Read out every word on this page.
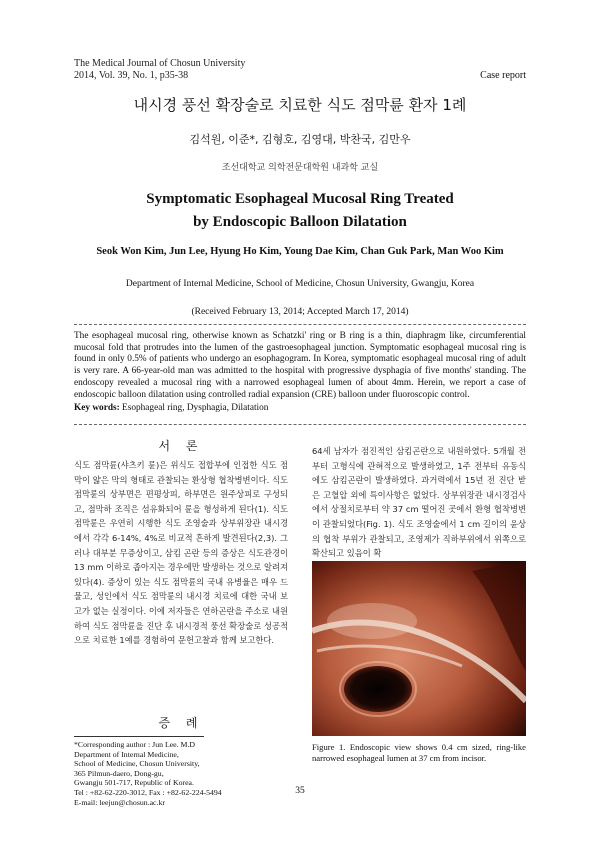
The Medical Journal of Chosun University
2014, Vol. 39, No. 1, p35-38	Case report
내시경 풍선 확장술로 치료한 식도 점막륜 환자 1례
김석원, 이준*, 김형호, 김영대, 박찬국, 김만우
조선대학교 의학전문대학원 내과학 교실
Symptomatic Esophageal Mucosal Ring Treated
by Endoscopic Balloon Dilatation
Seok Won Kim, Jun Lee, Hyung Ho Kim, Young Dae Kim, Chan Guk Park, Man Woo Kim
Department of Internal Medicine, School of Medicine, Chosun University, Gwangju, Korea
(Received February 13, 2014; Accepted March 17, 2014)
The esophageal mucosal ring, otherwise known as Schatzki' ring or B ring is a thin, diaphragm like, circumferential mucosal fold that protrudes into the lumen of the gastroesophageal junction. Symptomatic esophageal mucosal ring is found in only 0.5% of patients who undergo an esophagogram. In Korea, symptomatic esophageal mucosal ring of adult is very rare. A 66-year-old man was admitted to the hospital with progressive dysphagia of five months' standing. The endoscopy revealed a mucosal ring with a narrowed esophageal lumen of about 4mm. Herein, we report a case of endoscopic balloon dilatation using controlled radial expansion (CRE) balloon under fluoroscopic control.
Key words: Esophageal ring, Dysphagia, Dilatation
서 론
식도 점막륜(샤츠키 륜)은 위식도 접합부에 인접한 식도 점막이 얇은 막의 형태로 관찰되는 환상형 협착병변이다. 식도 점막륜의 상부면은 편평상피, 하부면은 원주상피로 구성되고, 점막하 조직은 섬유화되어 륜을 형성하게 된다(1). 식도 점막륜은 우연히 시행한 식도 조영술과 상부위장관 내시경에서 각각 6-14%, 4%로 비교적 흔하게 발견된다(2,3). 그러나 대부분 무증상이고, 삼킴 곤란 등의 증상은 식도관경이 13 mm 이하로 좁아지는 경우에만 발생하는 것으로 알려져 있다(4). 증상이 있는 식도 점막륜의 국내 유병율은 매우 드물고, 성인에서 식도 점막륜의 내시경 치료에 대한 국내 보고가 없는 실정이다. 이에 저자들은 연하곤란을 주소로 내원하여 식도 점막륜을 진단 후 내시경적 풍선 확장술로 성공적으로 치료한 1예를 경험하여 문헌고찰과 함께 보고한다.
증 례
*Corresponding author : Jun Lee. M.D
Department of Internal Medicine,
School of Medicine, Chosun University,
365 Pilmun-daero, Dong-gu,
Gwangju 501-717, Republic of Korea.
Tel : +82-62-220-3012, Fax : +82-62-224-5494
E-mail: leejun@chosun.ac.kr
64세 남자가 점진적인 삼킴곤란으로 내원하였다. 5개월 전부터 고형식에 관혀적으로 발생하였고, 1주 전부터 유동식에도 삼킴곤란이 발생하였다. 과거력에서 15년 전 진단 받은 고혈압 외에 특이사항은 없었다. 상부위장관 내시경검사에서 상절치로부터 약 37 cm 떨어진 곳에서 환형 협착병변이 관찰되었다(Fig. 1). 식도 조영술에서 1 cm 길이의 윤상의 협착 부위가 관찰되고, 조영제가 직하부위에서 위쪽으로 확산되고 있음이 확
Figure 1. Endoscopic view shows 0.4 cm sized, ring-like narrowed esophageal lumen at 37 cm from incisor.
35
